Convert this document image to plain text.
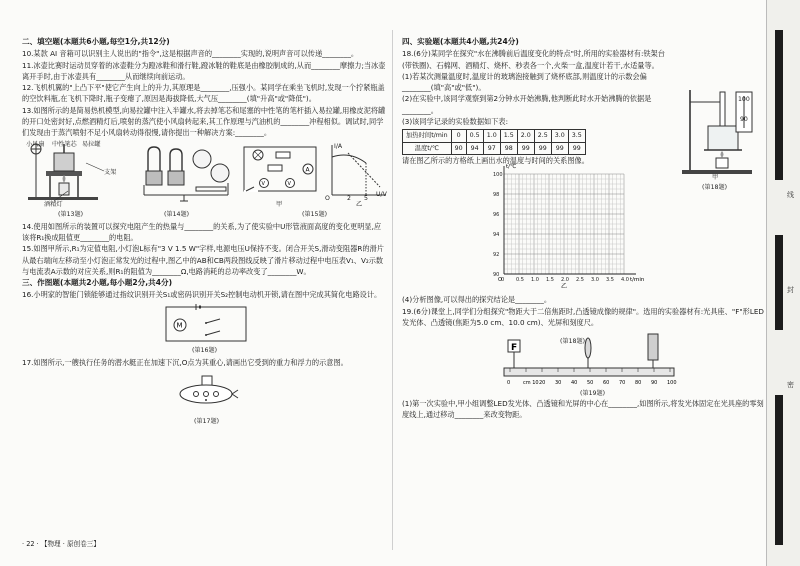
二、填空题(本题共6小题,每空1分,共12分)

10.某款 AI 音箱可以识别主人说出的"指令",这是根据声音的________实现的,说明声音可以传递________。

11.冰壶比赛时运动员穿着的冰壶鞋分为蹬冰鞋和滑行鞋,蹬冰鞋的鞋底是由橡胶制成的,从而________摩擦力;当冰壶离开手时,由于冰壶具有________从而继续向前运动。

12.飞机机翼的"上凸下平"使它产生向上的升力,其原理是________,压强小。某同学在乘坐飞机时,发现一个拧紧瓶盖的空饮料瓶,在飞机下降时,瓶子变瘪了,原因是海拔降低,大气压________(填"升高"或"降低")。

13.如图所示的是简易热机模型,向易拉罐中注入半罐水,将去掉笔芯和尾塞的中性笔的笔杆插入易拉罐,用橡皮泥将罐的开口处密封好,点燃酒精灯后,喷射的蒸汽使小风扇转起来,其工作原理与汽油机的________冲程相似。调试时,同学们发现由于蒸汽喷射不足小风扇转动得很慢,请你提出一种解决方案:________。

小风扇 中性笔芯 易拉罐
支架
酒精灯
(第13题)	(第14题)
A
V	V
I/A
U/V
O	2 5
甲	乙
(第15题)

14.使用如图所示的装置可以探究电阻产生的热量与________的关系,为了使实验中U形管液面高度的变化更明显,应该将R₁换成阻值更________的电阻。

15.如图甲所示,R₁为定值电阻,小灯泡L标有"3 V 1.5 W"字样,电源电压U保持不变。闭合开关S,滑动变阻器R的滑片从最右端向左移动至小灯泡正常发光的过程中,图乙中的AB和CB两段图线反映了滑片移动过程中电压表V₁、V₂示数与电流表A示数的对应关系,则R₁的阻值为________Ω,电路消耗的总功率改变了________W。

三、作图题(本题共2小题,每小题2分,共4分)

16.小明家的智能门锁能够通过指纹识别开关S₁或密码识别开关S₂控制电动机开锁,请在图中完成其简化电路设计。

M
(第16题)

17.如图所示,一艘执行任务的潜水艇正在加速下沉,O点为其重心,请画出它受到的重力和浮力的示意图。

(第17题)
四、实验题(本题共4小题,共24分)

18.(6分)某同学在探究"水在沸腾前后温度变化的特点"时,所用的实验器材有:铁架台(带铁圈)、石棉网、酒精灯、烧杯、秒表各一个,火柴一盒,温度计若干,水适量等。

(1)若某次测量温度时,温度计的玻璃泡接触到了烧杯底部,则温度计的示数会偏________(填"高"或"低")。

(2)在实验中,该同学观察到第2分钟水开始沸腾,他判断此时水开始沸腾的依据是________。

(3)该同学记录的实验数据如下表:

加热时间t/min	0	0.5	1.0	1.5	2.0	2.5	3.0	3.5
温度t/℃	90	94	97	98	99	99	99	99

请在图乙所示的方格纸上画出水的温度与时间的关系图像。

0 0.5 1.0 1.5 2.0 2.5 3.0 3.5 4.0
90
92
94
96
98
100
t/℃
t/min
O
乙

(4)分析图像,可以得出的探究结论是________。

19.(6分)课堂上,同学们分组探究"物距大于二倍焦距时,凸透镜成像的规律"。选用的实验器材有:光具座、"F"形LED发光体、凸透镜(焦距为5.0 cm、10.0 cm)、光屏和刻度尺。

0	cm 10 20 30 40 50 60 70 80 90 100
F
(第19题)

(1)第一次实验中,甲小组调整LED发光体、凸透镜和光屏的中心在________,如图所示,将发光体固定在光具座的零刻度线上,通过移动________来改变物距。

100
90
甲
(第18题)
(第18题)
线
封
密
· 22 · 【物理 · 原创卷三】
